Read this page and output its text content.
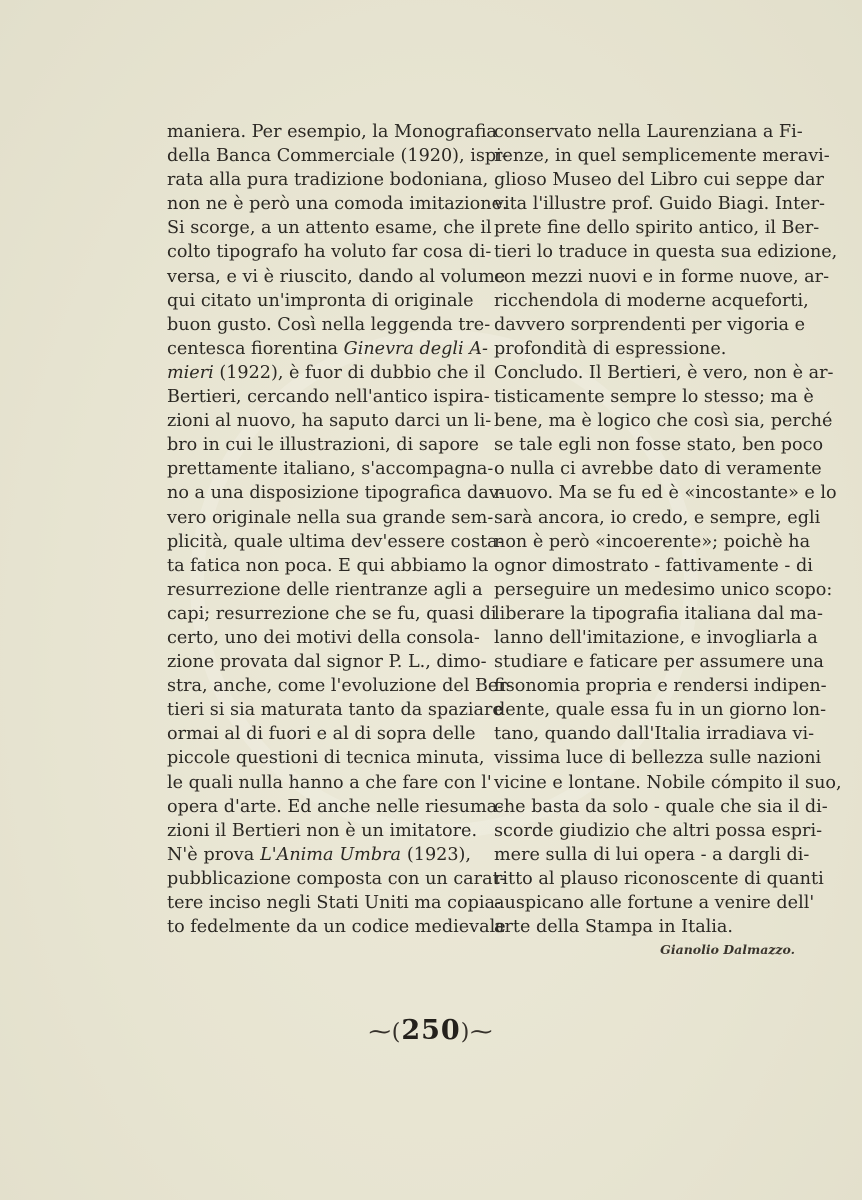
maniera. Per esempio, la Monografia
della Banca Commerciale (1920), ispi-
rata alla pura tradizione bodoniana,
non ne è però una comoda imitazione.
Si scorge, a un attento esame, che il
colto tipografo ha voluto far cosa di-
versa, e vi è riuscito, dando al volume
qui citato un'impronta di originale
buon gusto. Così nella leggenda tre-
centesca fiorentina Ginevra degli A-
mieri (1922), è fuor di dubbio che il
Bertieri, cercando nell'antico ispira-
zioni al nuovo, ha saputo darci un li-
bro in cui le illustrazioni, di sapore
prettamente italiano, s'accompagna-
no a una disposizione tipografica dav-
vero originale nella sua grande sem-
plicità, quale ultima dev'essere costa-
ta fatica non poca. E qui abbiamo la
resurrezione delle rientranze agli a
capi; resurrezione che se fu, quasi di
certo, uno dei motivi della consola-
zione provata dal signor P. L., dimo-
stra, anche, come l'evoluzione del Ber-
tieri si sia maturata tanto da spaziare
ormai al di fuori e al di sopra delle
piccole questioni di tecnica minuta,
le quali nulla hanno a che fare con l'
opera d'arte. Ed anche nelle riesuma-
zioni il Bertieri non è un imitatore.
N'è prova L'Anima Umbra (1923),
pubblicazione composta con un carat-
tere inciso negli Stati Uniti ma copia-
to fedelmente da un codice medievale
conservato nella Laurenziana a Fi-
renze, in quel semplicemente meravi-
glioso Museo del Libro cui seppe dar
vita l'illustre prof. Guido Biagi. Inter-
prete fine dello spirito antico, il Ber-
tieri lo traduce in questa sua edizione,
con mezzi nuovi e in forme nuove, ar-
ricchendola di moderne acqueforti,
davvero sorprendenti per vigoria e
profondità di espressione.
Concludo. Il Bertieri, è vero, non è ar-
tisticamente sempre lo stesso; ma è
bene, ma è logico che così sia, perché
se tale egli non fosse stato, ben poco
o nulla ci avrebbe dato di veramente
nuovo. Ma se fu ed è «incostante» e lo
sarà ancora, io credo, e sempre, egli
non è però «incoerente»; poichè ha
ognor dimostrato - fattivamente - di
perseguire un medesimo unico scopo:
liberare la tipografia italiana dal ma-
lanno dell'imitazione, e invogliarla a
studiare e faticare per assumere una
fisonomia propria e rendersi indipen-
dente, quale essa fu in un giorno lon-
tano, quando dall'Italia irradiava vi-
vissima luce di bellezza sulle nazioni
vicine e lontane. Nobile cómpito il suo,
che basta da solo - quale che sia il di-
scorde giudizio che altri possa espri-
mere sulla di lui opera - a dargli di-
ritto al plauso riconoscente di quanti
auspicano alle fortune a venire dell'
arte della Stampa in Italia.
Gianolio Dalmazzo.
⁓(250)⁓
